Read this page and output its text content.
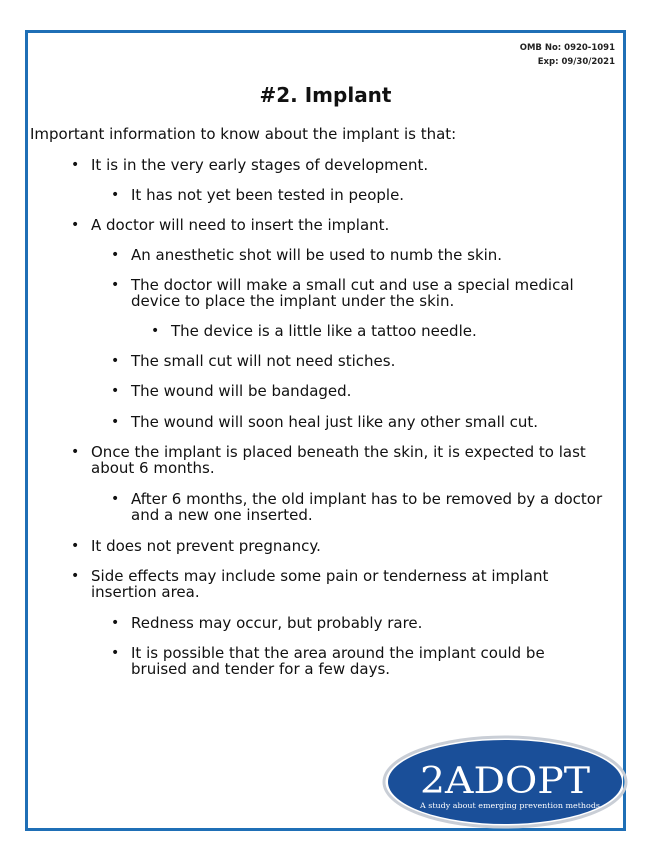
OMB No: 0920-1091
Exp: 09/30/2021
#2. Implant
Important information to know about the implant is that:
• It is in the very early stages of development.
• It has not yet been tested in people.
• A doctor will need to insert the implant.
• An anesthetic shot will be used to numb the skin.
• The doctor will make a small cut and use a special medical device to place the implant under the skin.
• The device is a little like a tattoo needle.
• The small cut will not need stiches.
• The wound will be bandaged.
• The wound will soon heal just like any other small cut.
• Once the implant is placed beneath the skin, it is expected to last about 6 months.
• After 6 months, the old implant has to be removed by a doctor and a new one inserted.
• It does not prevent pregnancy.
• Side effects may include some pain or tenderness at implant insertion area.
• Redness may occur, but probably rare.
• It is possible that the area around the implant could be bruised and tender for a few days.
2ADOPT
A study about emerging prevention methods
